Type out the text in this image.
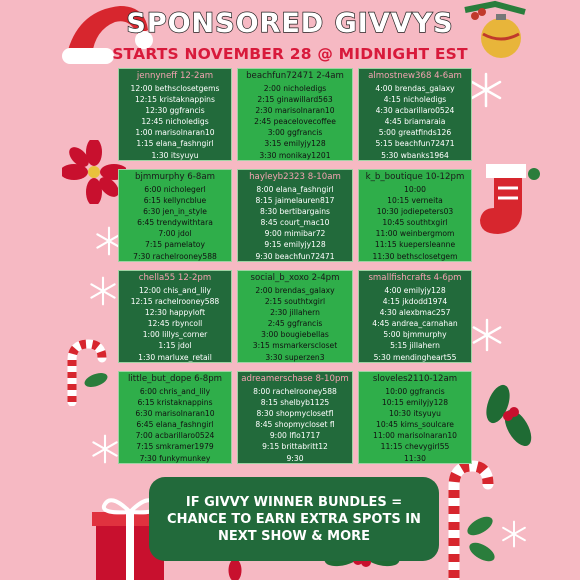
SPONSORED GIVVYS
STARTS NOVEMBER 28 @ MIDNIGHT EST
jennyneff 12-2am
12:00 bethsclosetgems
12:15 kristaknappins
12:30 ggfrancis
12:45 nicholedigs
1:00 marisolnaran10
1:15 elana_fashngirl
1:30 itsyuyu
beachfun72471 2-4am
2:00 nicholedigs
2:15 ginawillard563
2:30 marisolnaran10
2:45 peacelovecoffee
3:00 ggfrancis
3:15 emilyjy128
3:30 monikay1201
almostnew368 4-6am
4:00 brendas_galaxy
4:15 nicholedigs
4:30 acbarillaro0524
4:45 briamaraia
5:00 greatfinds126
5:15 beachfun72471
5:30 wbanks1964
bjmmurphy 6-8am
6:00 nicholegerl
6:15 kellyncblue
6:30 jen_in_style
6:45 trendywithtara
7:00 jdol
7:15 pamelatoy
7:30 rachelrooney588
hayleyb2323 8-10am
8:00 elana_fashngirl
8:15 jaimelauren817
8:30 bertibargains
8:45 court_mac10
9:00 mimibar72
9:15 emilyjy128
9:30 beachfun72471
k_b_boutique 10-12pm
10:00
10:15 verneita
10:30 jodiepeters03
10:45 southtxgirl
11:00 weinbergmom
11:15 kuepersleanne
11:30 bethsclosetgem
chella55 12-2pm
12:00 chis_and_lily
12:15 rachelrooney588
12:30 happyloft
12:45 rbyncoll
1:00 lillys_corner
1:15 jdol
1:30 marluxe_retail
social_b_xoxo 2-4pm
2:00 brendas_galaxy
2:15 southtxgirl
2:30 jillahern
2:45 ggfrancis
3:00 bougiebellas
3:15 msmarkerscloset
3:30 superzen3
smallfishcrafts 4-6pm
4:00 emilyjy128
4:15 jkdodd1974
4:30 alexbmac257
4:45 andrea_carnahan
5:00 bjmmurphy
5:15 jillahern
5:30 mendingheart55
little_but_dope 6-8pm
6:00 chris_and_lily
6:15 kristaknappins
6:30 marisolnaran10
6:45 elana_fashngirl
7:00 acbarillaro0524
7:15 smkramer1979
7:30 funkymunkey
adreamerschase 8-10pm
8:00 rachelrooney588
8:15 shelbyb1125
8:30 shopmyclosetfl
8:45 shopmycloset fl
9:00 lflo1717
9:15 brittabritt12
9:30
sloveles2110-12am
10:00 ggfrancis
10:15 emilyjy128
10:30 itsyuyu
10:45 kims_soulcare
11:00 marisolnaran10
11:15 chevygirl55
11:30
IF GIVVY WINNER BUNDLES = CHANCE TO EARN EXTRA SPOTS IN NEXT SHOW & MORE
